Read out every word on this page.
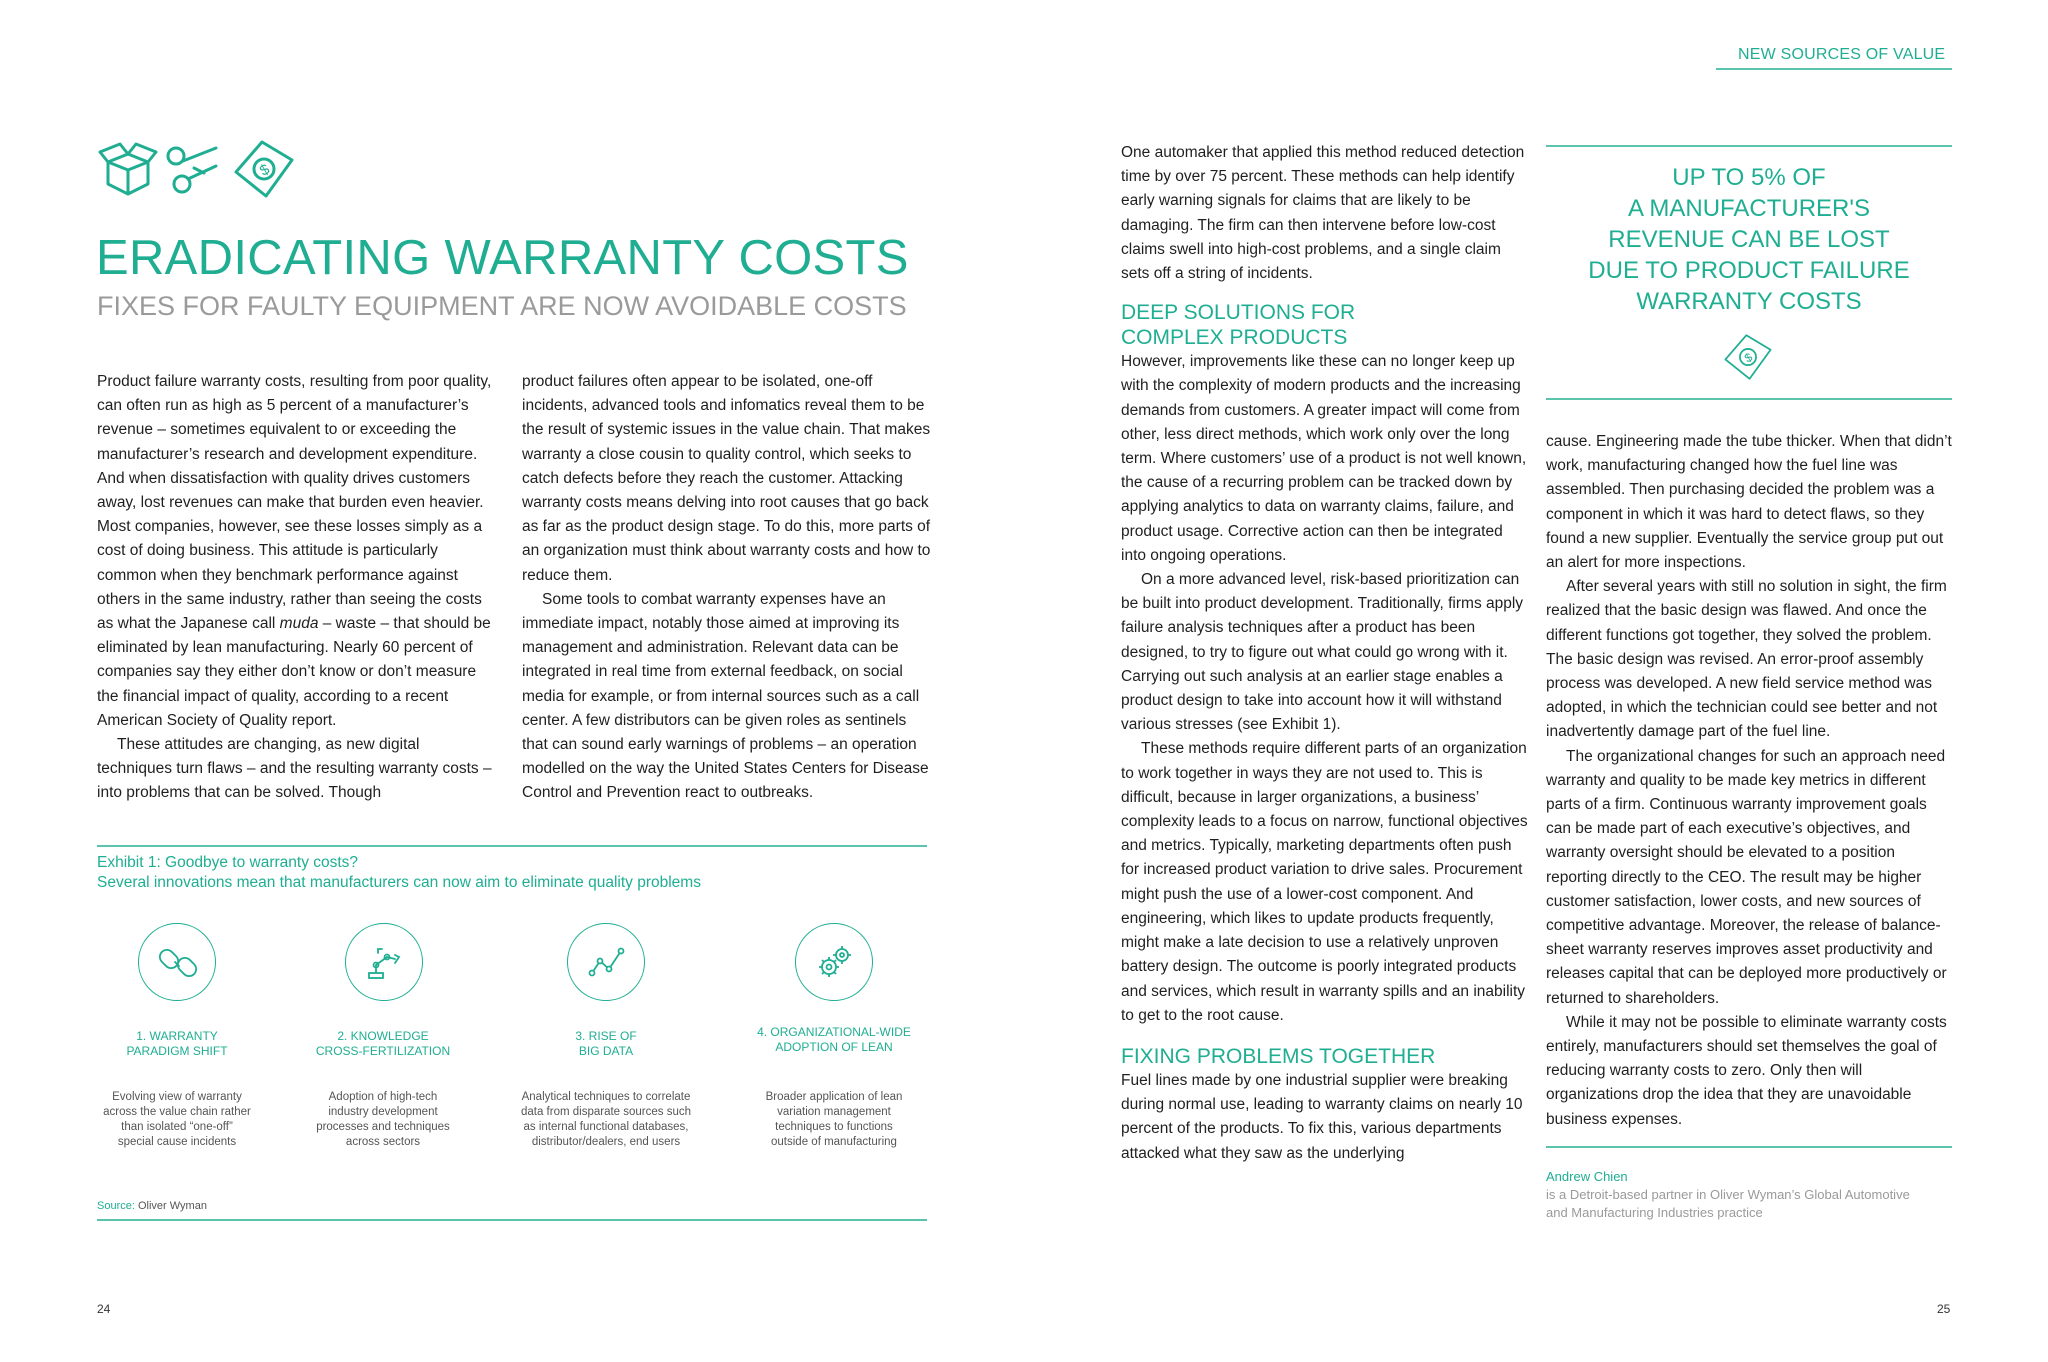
NEW SOURCES OF VALUE
$
ERADICATING WARRANTY COSTS
FIXES FOR FAULTY EQUIPMENT ARE NOW AVOIDABLE COSTS

Product failure warranty costs, resulting from poor quality, can often run as high as 5 percent of a manufacturer’s revenue – sometimes equivalent to or exceeding the manufacturer’s research and development expenditure. And when dissatisfaction with quality drives customers away, lost revenues can make that burden even heavier. Most companies, however, see these losses simply as a cost of doing business. This attitude is particularly common when they benchmark performance against others in the same industry, rather than seeing the costs as what the Japanese call muda – waste – that should be eliminated by lean manufacturing. Nearly 60 percent of companies say they either don’t know or don’t measure the financial impact of quality, according to a recent American Society of Quality report.

These attitudes are changing, as new digital techniques turn flaws – and the resulting warranty costs – into problems that can be solved. Though

product failures often appear to be isolated, one-off incidents, advanced tools and infomatics reveal them to be the result of systemic issues in the value chain. That makes warranty a close cousin to quality control, which seeks to catch defects before they reach the customer. Attacking warranty costs means delving into root causes that go back as far as the product design stage. To do this, more parts of an organization must think about warranty costs and how to reduce them.

Some tools to combat warranty expenses have an immediate impact, notably those aimed at improving its management and administration. Relevant data can be integrated in real time from external feedback, on social media for example, or from internal sources such as a call center. A few distributors can be given roles as sentinels that can sound early warnings of problems – an operation modelled on the way the United States Centers for Disease Control and Prevention react to outbreaks.

Exhibit 1: Goodbye to warranty costs?
Several innovations mean that manufacturers can now aim to eliminate quality problems
1. WARRANTY
PARADIGM SHIFT
Evolving view of warranty
across the value chain rather
than isolated “one-off”
special cause incidents
2. KNOWLEDGE
CROSS-FERTILIZATION
Adoption of high-tech
industry development
processes and techniques
across sectors
3. RISE OF
BIG DATA
Analytical techniques to correlate
data from disparate sources such
as internal functional databases,
distributor/dealers, end users
4. ORGANIZATIONAL-WIDE
ADOPTION OF LEAN
Broader application of lean
variation management
techniques to functions
outside of manufacturing
Source: Oliver Wyman
24

One automaker that applied this method reduced detection time by over 75 percent. These methods can help identify early warning signals for claims that are likely to be damaging. The firm can then intervene before low-cost claims swell into high-cost problems, and a single claim sets off a string of incidents.

DEEP SOLUTIONS FOR
COMPLEX PRODUCTS

However, improvements like these can no longer keep up with the complexity of modern products and the increasing demands from customers. A greater impact will come from other, less direct methods, which work only over the long term. Where customers’ use of a product is not well known, the cause of a recurring problem can be tracked down by applying analytics to data on warranty claims, failure, and product usage. Corrective action can then be integrated into ongoing operations.

On a more advanced level, risk-based prioritization can be built into product development. Traditionally, firms apply failure analysis techniques after a product has been designed, to try to figure out what could go wrong with it. Carrying out such analysis at an earlier stage enables a product design to take into account how it will withstand various stresses (see Exhibit 1).

These methods require different parts of an organization to work together in ways they are not used to. This is difficult, because in larger organizations, a business’ complexity leads to a focus on narrow, functional objectives and metrics. Typically, marketing departments often push for increased product variation to drive sales. Procurement might push the use of a lower-cost component. And engineering, which likes to update products frequently, might make a late decision to use a relatively unproven battery design. The outcome is poorly integrated products and services, which result in warranty spills and an inability to get to the root cause.

FIXING PROBLEMS TOGETHER

Fuel lines made by one industrial supplier were breaking during normal use, leading to warranty claims on nearly 10 percent of the products. To fix this, various departments attacked what they saw as the underlying

UP TO 5% OF
A MANUFACTURER'S
REVENUE CAN BE LOST
DUE TO PRODUCT FAILURE
WARRANTY COSTS
$

cause. Engineering made the tube thicker. When that didn’t work, manufacturing changed how the fuel line was assembled. Then purchasing decided the problem was a component in which it was hard to detect flaws, so they found a new supplier. Eventually the service group put out an alert for more inspections.

After several years with still no solution in sight, the firm realized that the basic design was flawed. And once the different functions got together, they solved the problem. The basic design was revised. An error-proof assembly process was developed. A new field service method was adopted, in which the technician could see better and not inadvertently damage part of the fuel line.

The organizational changes for such an approach need warranty and quality to be made key metrics in different parts of a firm. Continuous warranty improvement goals can be made part of each executive’s objectives, and warranty oversight should be elevated to a position reporting directly to the CEO. The result may be higher customer satisfaction, lower costs, and new sources of competitive advantage. Moreover, the release of balance-sheet warranty reserves improves asset productivity and releases capital that can be deployed more productively or returned to shareholders.

While it may not be possible to eliminate warranty costs entirely, manufacturers should set themselves the goal of reducing warranty costs to zero. Only then will organizations drop the idea that they are unavoidable business expenses.

Andrew Chien
is a Detroit-based partner in Oliver Wyman’s Global Automotive
and Manufacturing Industries practice
25
